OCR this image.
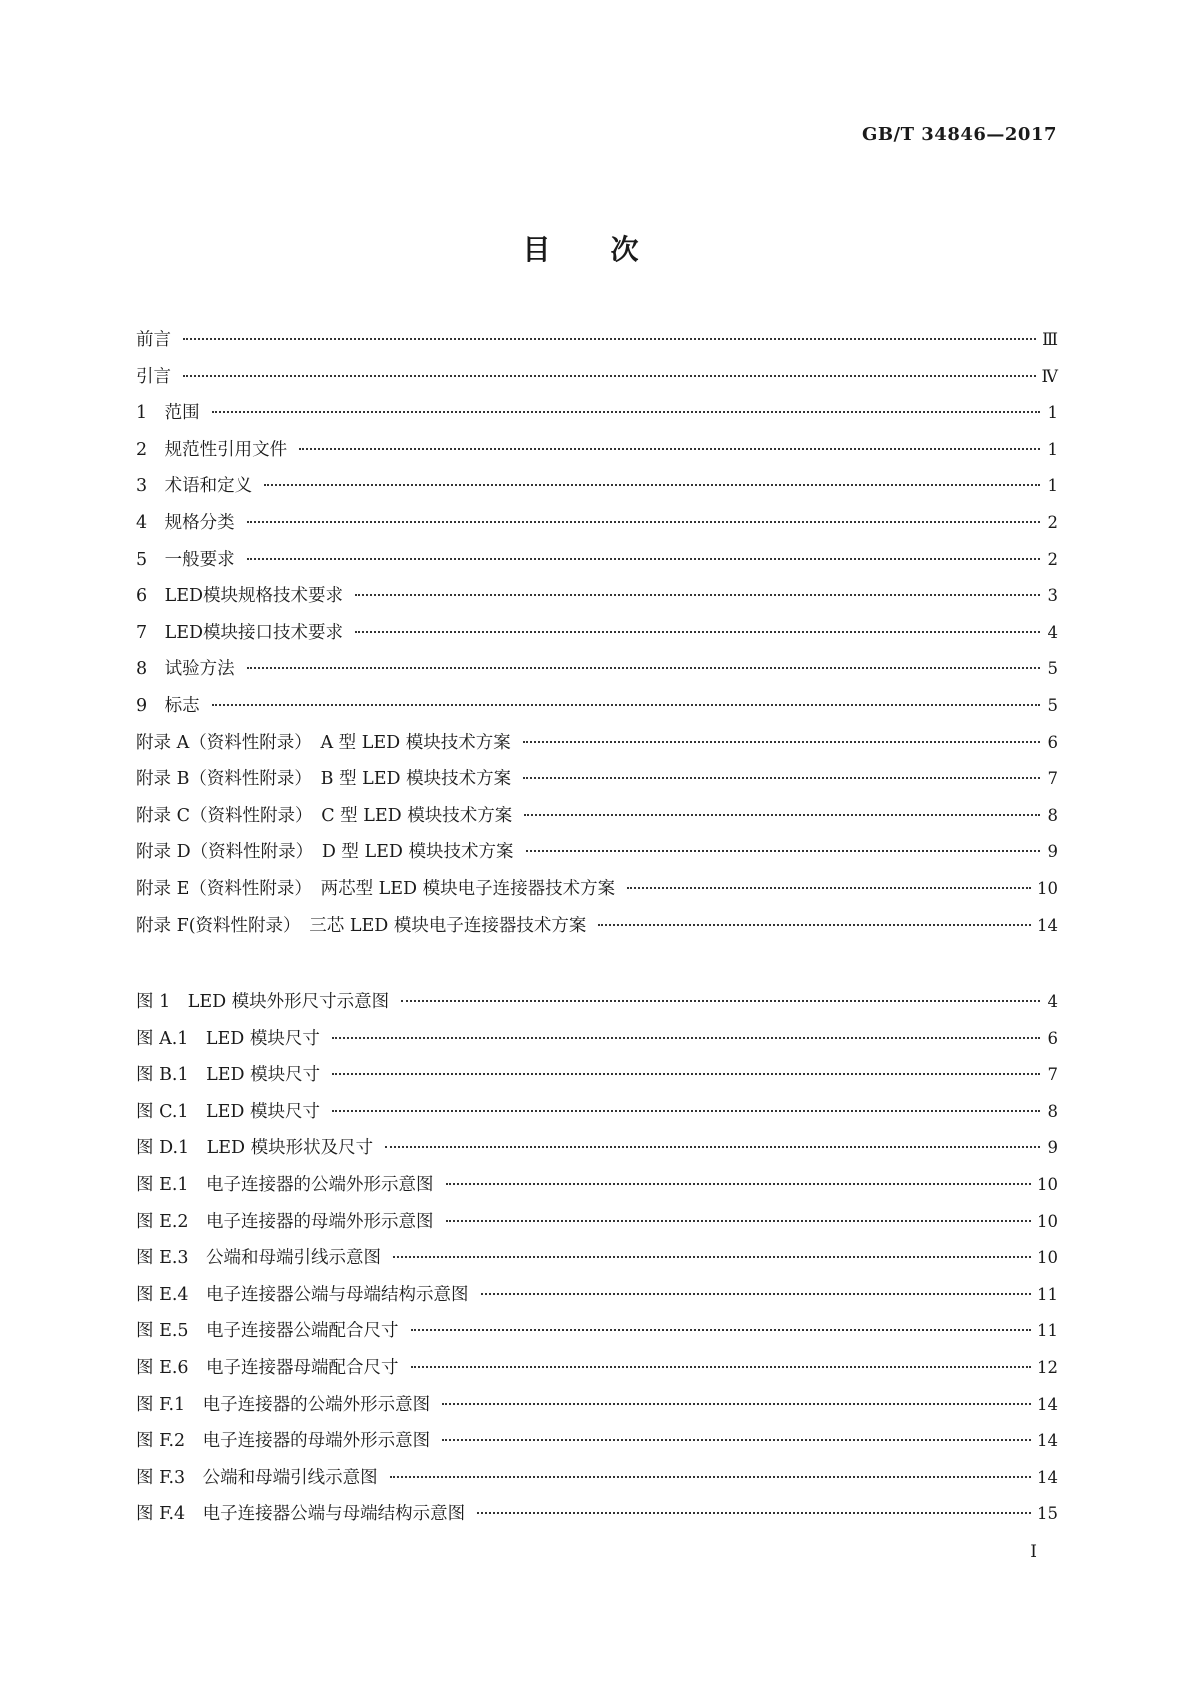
GB/T 34846—2017
目次
前言	Ⅲ
引言	Ⅳ
1　范围	1
2　规范性引用文件	1
3　术语和定义	1
4　规格分类	2
5　一般要求	2
6　LED模块规格技术要求	3
7　LED模块接口技术要求	4
8　试验方法	5
9　标志	5
附录 A（资料性附录）　A 型 LED 模块技术方案	6
附录 B（资料性附录）　B 型 LED 模块技术方案	7
附录 C（资料性附录）　C 型 LED 模块技术方案	8
附录 D（资料性附录）　D 型 LED 模块技术方案	9
附录 E（资料性附录）　两芯型 LED 模块电子连接器技术方案	10
附录 F(资料性附录）　三芯 LED 模块电子连接器技术方案	14
图 1　LED 模块外形尺寸示意图	4
图 A.1　LED 模块尺寸	6
图 B.1　LED 模块尺寸	7
图 C.1　LED 模块尺寸	8
图 D.1　LED 模块形状及尺寸	9
图 E.1　电子连接器的公端外形示意图	10
图 E.2　电子连接器的母端外形示意图	10
图 E.3　公端和母端引线示意图	10
图 E.4　电子连接器公端与母端结构示意图	11
图 E.5　电子连接器公端配合尺寸	11
图 E.6　电子连接器母端配合尺寸	12
图 F.1　电子连接器的公端外形示意图	14
图 F.2　电子连接器的母端外形示意图	14
图 F.3　公端和母端引线示意图	14
图 F.4　电子连接器公端与母端结构示意图	15
I
